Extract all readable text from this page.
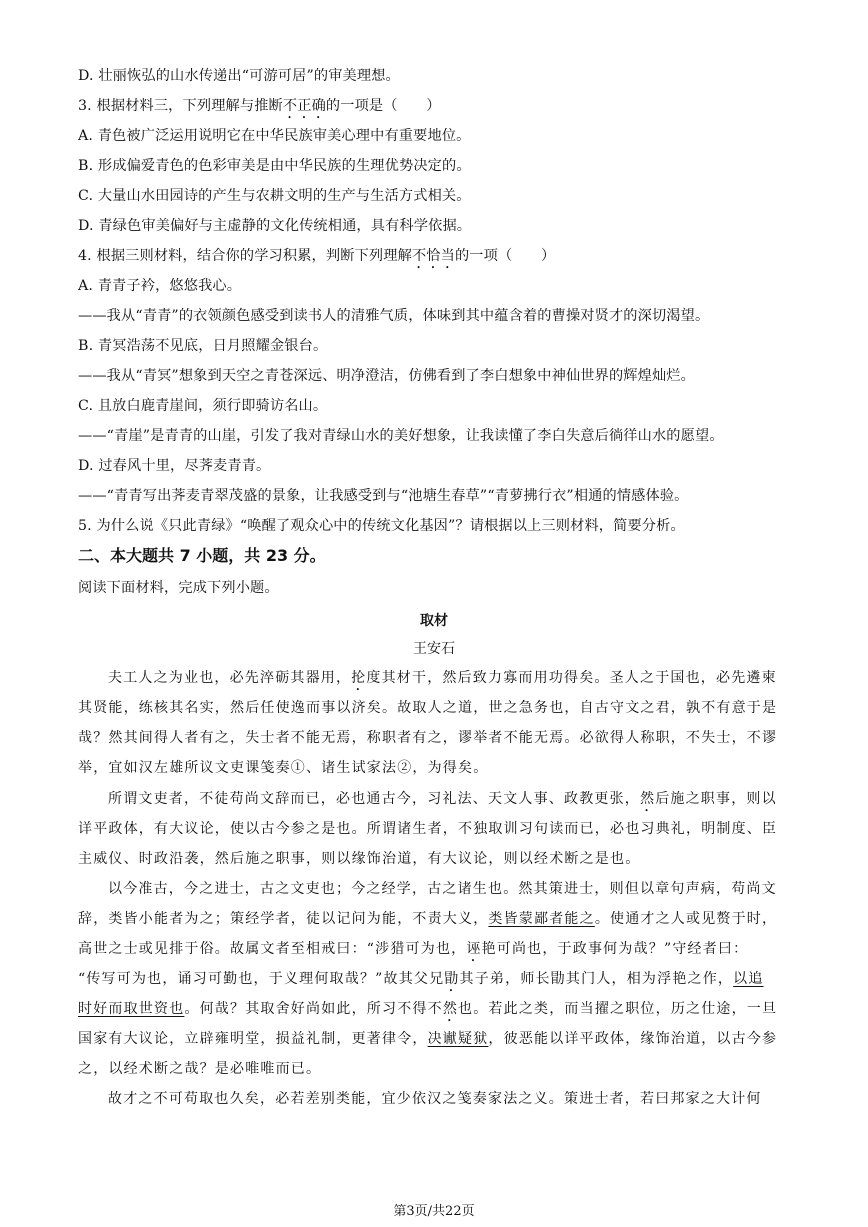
D. 壮丽恢弘的山水传递出“可游可居”的审美理想。
3. 根据材料三，下列理解与推断不正确的一项是（　　）
A. 青色被广泛运用说明它在中华民族审美心理中有重要地位。
B. 形成偏爱青色的色彩审美是由中华民族的生理优势决定的。
C. 大量山水田园诗的产生与农耕文明的生产与生活方式相关。
D. 青绿色审美偏好与主虚静的文化传统相通，具有科学依据。
4. 根据三则材料，结合你的学习积累，判断下列理解不恰当的一项（　　）
A. 青青子衿，悠悠我心。
——我从“青青”的衣领颜色感受到读书人的清雅气质，体味到其中蕴含着的曹操对贤才的深切渴望。
B. 青冥浩荡不见底，日月照耀金银台。
——我从“青冥”想象到天空之青苍深远、明净澄洁，仿佛看到了李白想象中神仙世界的辉煌灿烂。
C. 且放白鹿青崖间，须行即骑访名山。
——“青崖”是青青的山崖，引发了我对青绿山水的美好想象，让我读懂了李白失意后徜徉山水的愿望。
D. 过春风十里，尽荠麦青青。
——“青青写出荠麦青翠茂盛的景象，让我感受到与“池塘生春草”“青萝拂行衣”相通的情感体验。
5. 为什么说《只此青绿》“唤醒了观众心中的传统文化基因”？请根据以上三则材料，简要分析。
二、本大题共 7 小题，共 23 分。
阅读下面材料，完成下列小题。
取材
王安石
夫工人之为业也，必先淬砺其器用，抡度其材干，然后致力寡而用功得矣。圣人之于国也，必先遴柬
其贤能，练核其名实，然后任使逸而事以济矣。故取人之道，世之急务也，自古守文之君，孰不有意于是
哉？然其间得人者有之，失士者不能无焉，称职者有之，谬举者不能无焉。必欲得人称职，不失士，不谬
举，宜如汉左雄所议文吏课笺奏①、诸生试家法②，为得矣。
所谓文吏者，不徒苟尚文辞而已，必也通古今，习礼法、天文人事、政教更张，然后施之职事，则以
详平政体，有大议论，使以古今参之是也。所谓诸生者，不独取训习句读而已，必也习典礼，明制度、臣
主威仪、时政沿袭，然后施之职事，则以缘饰治道，有大议论，则以经术断之是也。
以今准古，今之进士，古之文吏也；今之经学，古之诸生也。然其策进士，则但以章句声病，苟尚文
辞，类皆小能者为之；策经学者，徒以记问为能，不责大义，类皆蒙鄙者能之。使通才之人或见赘于时，
高世之士或见排于俗。故属文者至相戒曰：“涉猎可为也，诬艳可尚也，于政事何为哉？”守经者曰：
“传写可为也，诵习可勤也，于义理何取哉？”故其父兄勖其子弟，师长勖其门人，相为浮艳之作，以追
时好而取世资也。何哉？其取舍好尚如此，所习不得不然也。若此之类，而当擢之职位，历之仕途，一旦
国家有大议论，立辟雍明堂，损益礼制，更著律令，决谳疑狱，彼恶能以详平政体，缘饰治道，以古今参
之，以经术断之哉？是必唯唯而已。
故才之不可苟取也久矣，必若差别类能，宜少依汉之笺奏家法之义。策进士者，若曰邦家之大计何
第3页/共22页
